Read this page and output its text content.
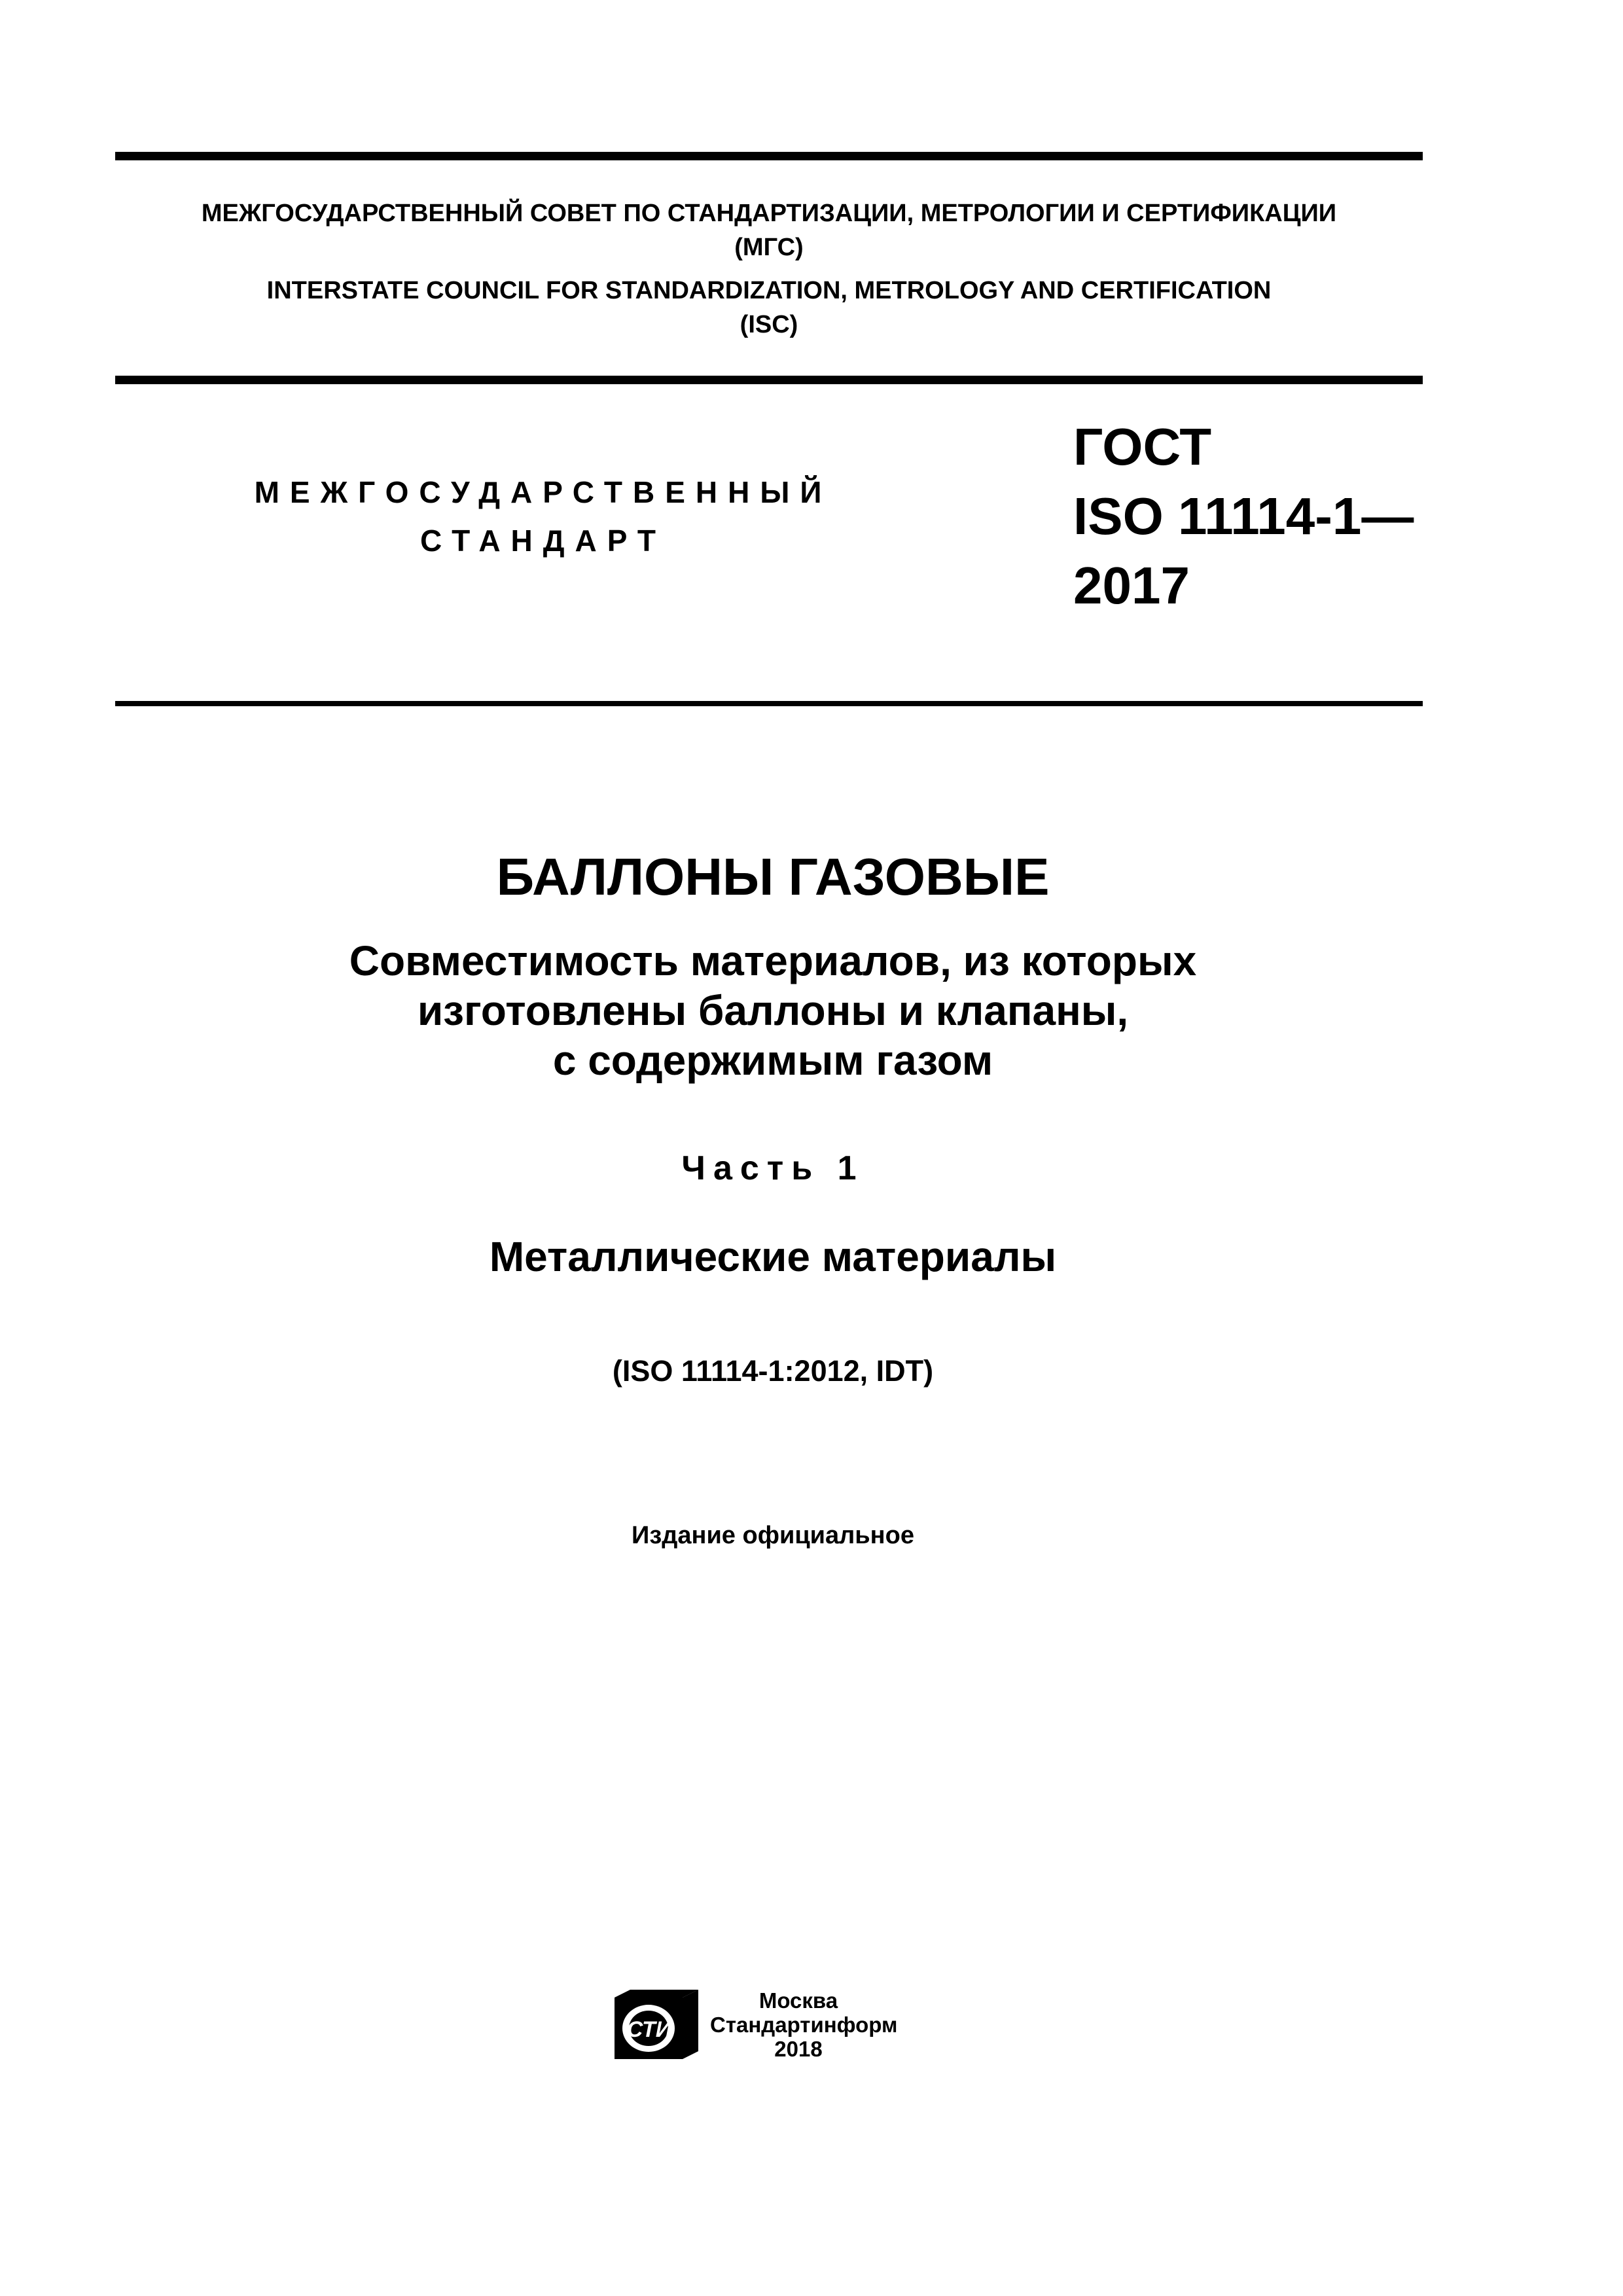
МЕЖГОСУДАРСТВЕННЫЙ СОВЕТ ПО СТАНДАРТИЗАЦИИ, МЕТРОЛОГИИ И СЕРТИФИКАЦИИ
(МГС)
INTERSTATE COUNCIL FOR STANDARDIZATION, METROLOGY AND CERTIFICATION
(ISC)
МЕЖГОСУДАРСТВЕННЫЙ
СТАНДАРТ
ГОСТ
ISO 11114-1—
2017
БАЛЛОНЫ ГАЗОВЫЕ
Совместимость материалов, из которых
изготовлены баллоны и клапаны,
с содержимым газом
Часть 1
Металлические материалы
(ISO 11114-1:2012, IDT)
Издание официальное
СТИ
Москва
Стандартинформ
2018
